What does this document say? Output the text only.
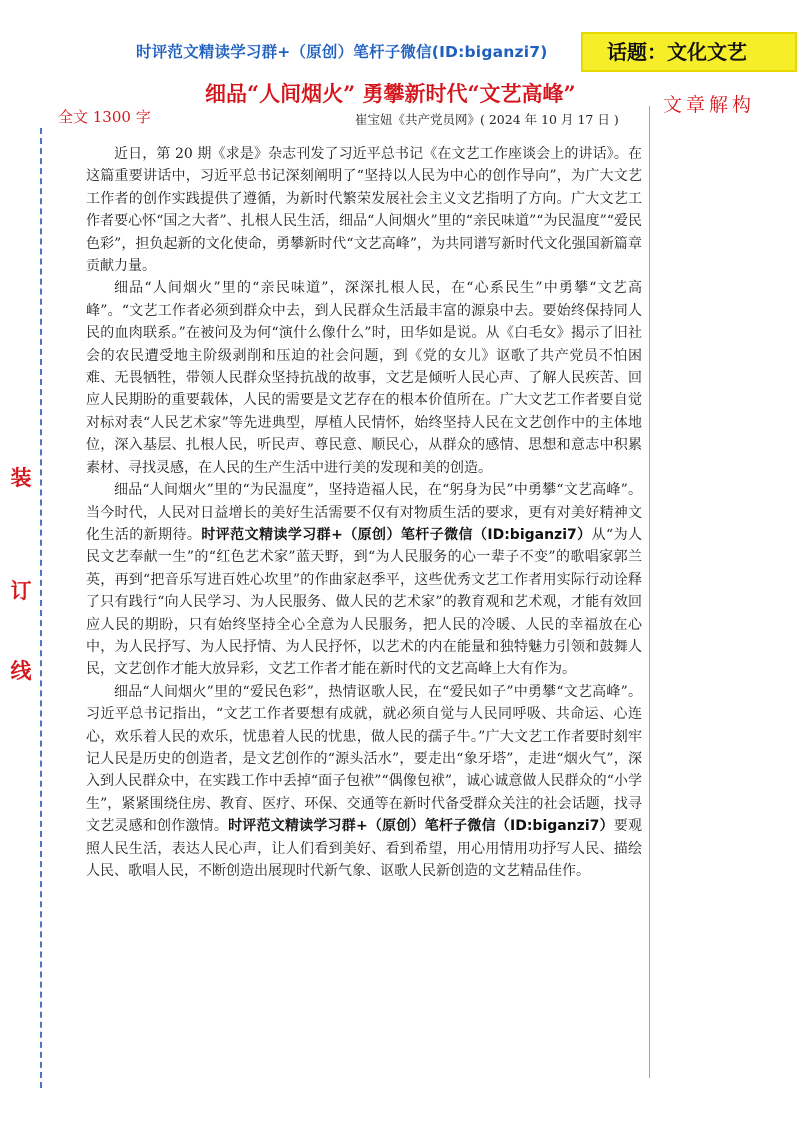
时评范文精读学习群+（原创）笔杆子微信(ID:biganzi7)	话题：文化文艺
细品“人间烟火” 勇攀新时代“文艺高峰”
全文 1300 字
文章解构
崔宝妞《共产党员网》( 2024 年 10 月 17 日 )
装
订
线

近日，第 20 期《求是》杂志刊发了习近平总书记《在文艺工作座谈会上的讲话》。在这篇重要讲话中，习近平总书记深刻阐明了“坚持以人民为中心的创作导向”，为广大文艺工作者的创作实践提供了遵循，为新时代繁荣发展社会主义文艺指明了方向。广大文艺工作者要心怀“国之大者”、扎根人民生活，细品“人间烟火”里的“亲民味道”“为民温度”“爱民色彩”，担负起新的文化使命，勇攀新时代“文艺高峰”，为共同谱写新时代文化强国新篇章贡献力量。

细品“人间烟火”里的“亲民味道”，深深扎根人民，在“心系民生”中勇攀“文艺高峰”。“文艺工作者必须到群众中去，到人民群众生活最丰富的源泉中去。要始终保持同人民的血肉联系。”在被问及为何“演什么像什么”时，田华如是说。从《白毛女》揭示了旧社会的农民遭受地主阶级剥削和压迫的社会问题，到《党的女儿》讴歌了共产党员不怕困难、无畏牺牲，带领人民群众坚持抗战的故事，文艺是倾听人民心声、了解人民疾苦、回应人民期盼的重要载体，人民的需要是文艺存在的根本价值所在。广大文艺工作者要自觉对标对表“人民艺术家”等先进典型，厚植人民情怀，始终坚持人民在文艺创作中的主体地位，深入基层、扎根人民，听民声、尊民意、顺民心，从群众的感情、思想和意志中积累素材、寻找灵感，在人民的生产生活中进行美的发现和美的创造。

细品“人间烟火”里的“为民温度”，坚持造福人民，在“躬身为民”中勇攀“文艺高峰”。当今时代，人民对日益增长的美好生活需要不仅有对物质生活的要求，更有对美好精神文化生活的新期待。时评范文精读学习群+（原创）笔杆子微信（ID:biganzi7）从“为人民文艺奉献一生”的“红色艺术家”蓝天野，到“为人民服务的心一辈子不变”的歌唱家郭兰英，再到“把音乐写进百姓心坎里”的作曲家赵季平，这些优秀文艺工作者用实际行动诠释了只有践行“向人民学习、为人民服务、做人民的艺术家”的教育观和艺术观，才能有效回应人民的期盼，只有始终坚持全心全意为人民服务，把人民的冷暖、人民的幸福放在心中，为人民抒写、为人民抒情、为人民抒怀，以艺术的内在能量和独特魅力引领和鼓舞人民，文艺创作才能大放异彩，文艺工作者才能在新时代的文艺高峰上大有作为。

细品“人间烟火”里的“爱民色彩”，热情讴歌人民，在“爱民如子”中勇攀“文艺高峰”。习近平总书记指出，“文艺工作者要想有成就，就必须自觉与人民同呼吸、共命运、心连心，欢乐着人民的欢乐，忧患着人民的忧患，做人民的孺子牛。”广大文艺工作者要时刻牢记人民是历史的创造者，是文艺创作的“源头活水”，要走出“象牙塔”，走进“烟火气”，深入到人民群众中，在实践工作中丢掉“面子包袱”“偶像包袱”，诚心诚意做人民群众的“小学生”，紧紧围绕住房、教育、医疗、环保、交通等在新时代备受群众关注的社会话题，找寻文艺灵感和创作激情。时评范文精读学习群+（原创）笔杆子微信（ID:biganzi7）要观照人民生活，表达人民心声，让人们看到美好、看到希望，用心用情用功抒写人民、描绘人民、歌唱人民，不断创造出展现时代新气象、讴歌人民新创造的文艺精品佳作。
